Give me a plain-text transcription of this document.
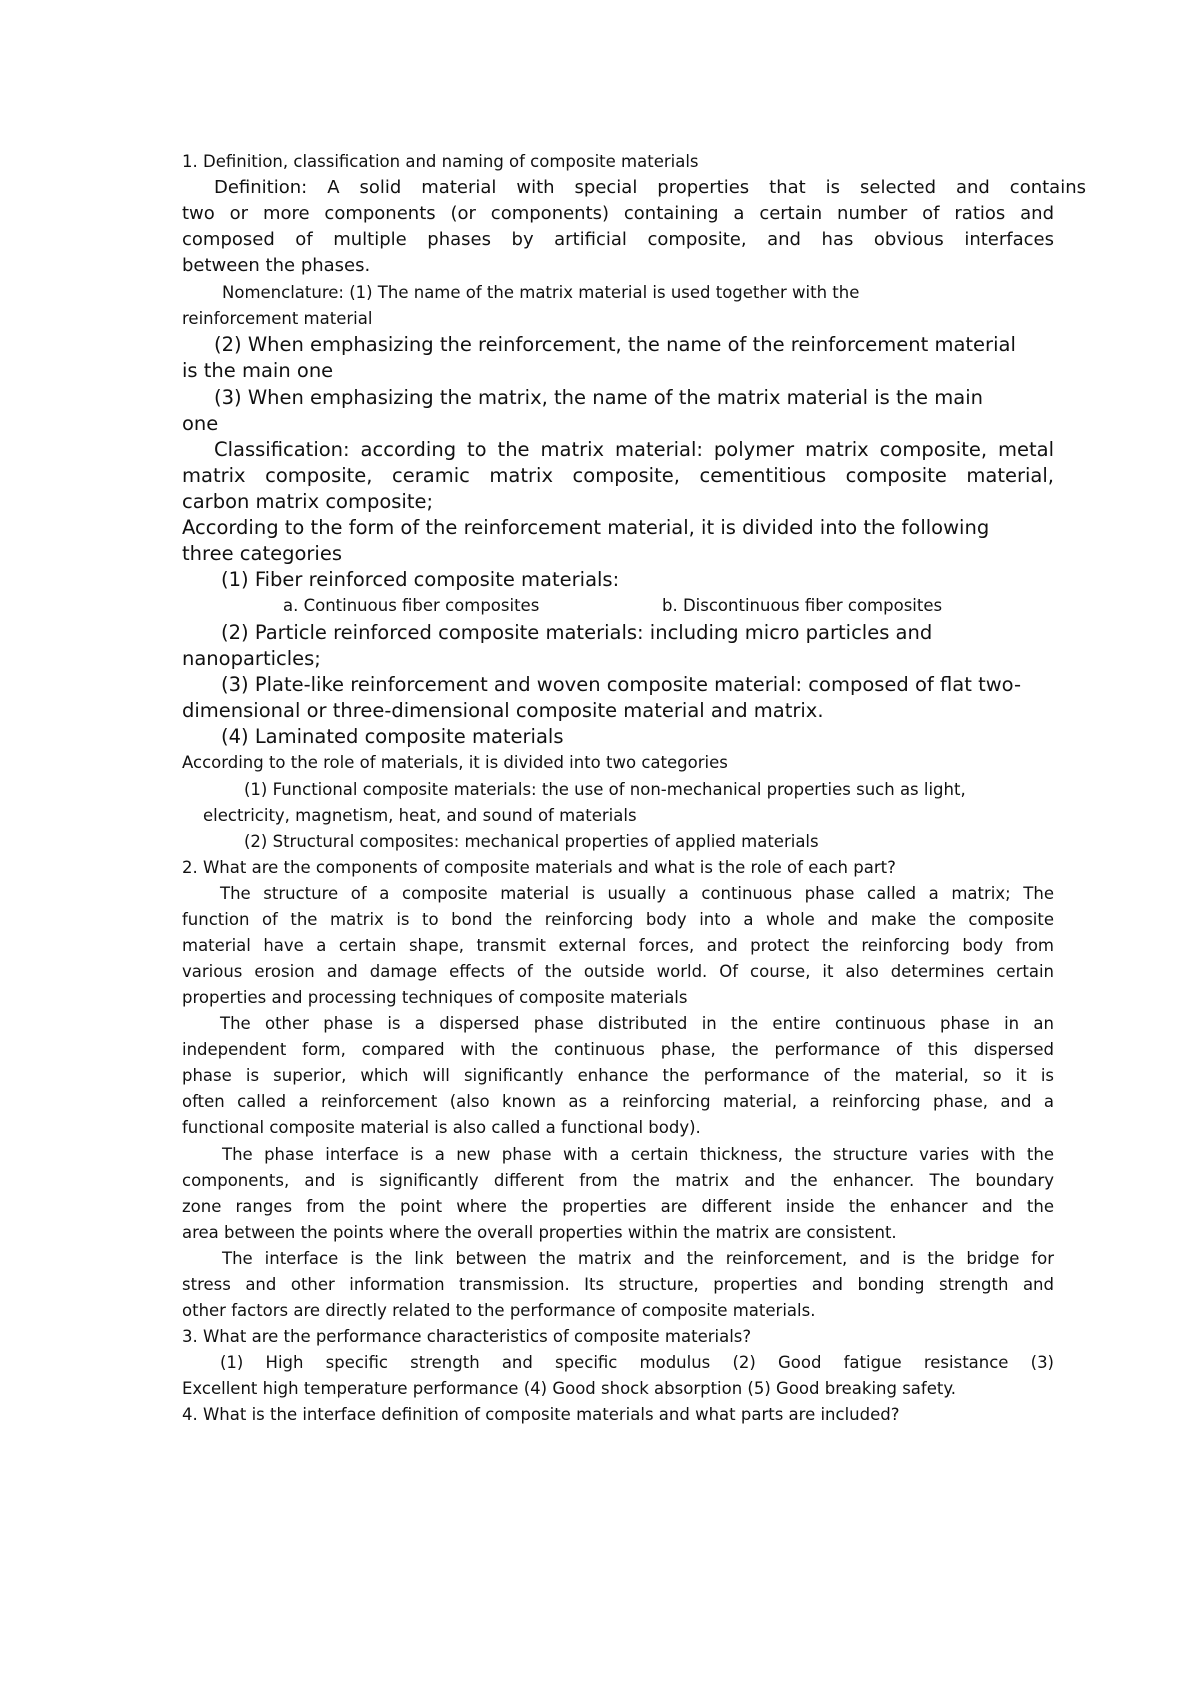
1. Definition, classification and naming of composite materials

Definition: A solid material with special properties that is selected and contains

two or more components (or components) containing a certain number of ratios and

composed of multiple phases by artificial composite, and has obvious interfaces

between the phases.

Nomenclature: (1) The name of the matrix material is used together with the

reinforcement material

(2) When emphasizing the reinforcement, the name of the reinforcement material

is the main one

(3) When emphasizing the matrix, the name of the matrix material is the main

one

Classification: according to the matrix material: polymer matrix composite, metal

matrix composite, ceramic matrix composite, cementitious composite material,

carbon matrix composite;

According to the form of the reinforcement material, it is divided into the following

three categories

(1) Fiber reinforced composite materials:

a. Continuous fiber composites	b. Discontinuous fiber composites

(2) Particle reinforced composite materials: including micro particles and

nanoparticles;

(3) Plate-like reinforcement and woven composite material: composed of flat two-

dimensional or three-dimensional composite material and matrix.

(4) Laminated composite materials

According to the role of materials, it is divided into two categories

(1) Functional composite materials: the use of non-mechanical properties such as light,

electricity, magnetism, heat, and sound of materials

(2) Structural composites: mechanical properties of applied materials

2. What are the components of composite materials and what is the role of each part?

The structure of a composite material is usually a continuous phase called a matrix; The

function of the matrix is to bond the reinforcing body into a whole and make the composite

material have a certain shape, transmit external forces, and protect the reinforcing body from

various erosion and damage effects of the outside world. Of course, it also determines certain

properties and processing techniques of composite materials

The other phase is a dispersed phase distributed in the entire continuous phase in an

independent form, compared with the continuous phase, the performance of this dispersed

phase is superior, which will significantly enhance the performance of the material, so it is

often called a reinforcement (also known as a reinforcing material, a reinforcing phase, and a

functional composite material is also called a functional body).

The phase interface is a new phase with a certain thickness, the structure varies with the

components, and is significantly different from the matrix and the enhancer. The boundary

zone ranges from the point where the properties are different inside the enhancer and the

area between the points where the overall properties within the matrix are consistent.

The interface is the link between the matrix and the reinforcement, and is the bridge for

stress and other information transmission. Its structure, properties and bonding strength and

other factors are directly related to the performance of composite materials.

3. What are the performance characteristics of composite materials?

(1) High specific strength and specific modulus (2) Good fatigue resistance (3)

Excellent high temperature performance (4) Good shock absorption (5) Good breaking safety.

4. What is the interface definition of composite materials and what parts are included?
